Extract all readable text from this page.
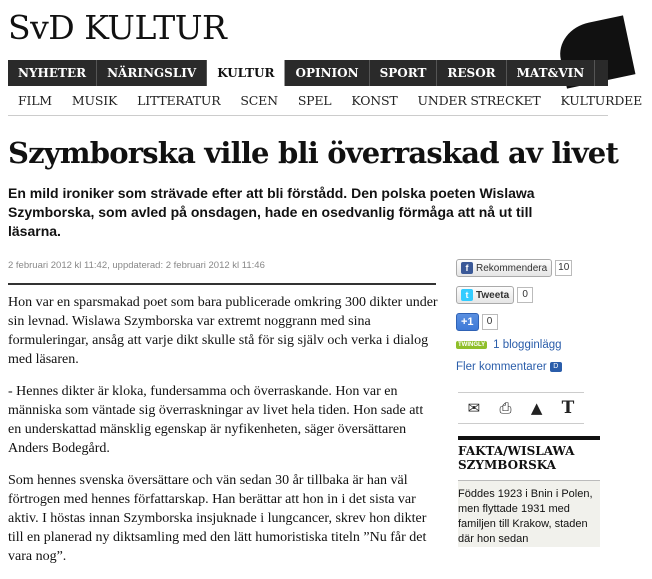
SvD KULTUR
NYHETER	NÄRINGSLIV	KULTUR	OPINION	SPORT	RESOR	MAT&VIN
FILM	MUSIK	LITTERATUR	SCEN	SPEL	KONST	UNDER STRECKET	KULTURDEE
Szymborska ville bli överraskad av livet
En mild ironiker som strävade efter att bli förstådd. Den polska poeten Wislawa Szymborska, som avled på onsdagen, hade en osedvanlig förmåga att nå ut till läsarna.
2 februari 2012 kl 11:42, uppdaterad: 2 februari 2012 kl 11:46

Hon var en sparsmakad poet som bara publicerade omkring 300 dikter under sin levnad. Wislawa Szymborska var extremt noggrann med sina formuleringar, ansåg att varje dikt skulle stå för sig själv och verka i dialog med läsaren.

- Hennes dikter är kloka, fundersamma och överraskande. Hon var en människa som väntade sig överraskningar av livet hela tiden. Hon sade att en underskattad mänsklig egenskap är nyfikenheten, säger översättaren Anders Bodegård.

Som hennes svenska översättare och vän sedan 30 år tillbaka är han väl förtrogen med hennes författarskap. Han berättar att hon in i det sista var aktiv. I höstas innan Szymborska insjuknade i lungcancer, skrev hon dikter till en planerad ny diktsamling med den lätt humoristiska titeln ”Nu får det vara nog”.

f Rekommendera	10
t Tweeta	0
+1	0
TWINGLY 1 blogginlägg
Fler kommentarer D
✉ ⎙ ▲ T
FAKTA/WISLAWA SZYMBORSKA
Föddes 1923 i Bnin i Polen, men flyttade 1931 med familjen till Krakow, staden där hon sedan
